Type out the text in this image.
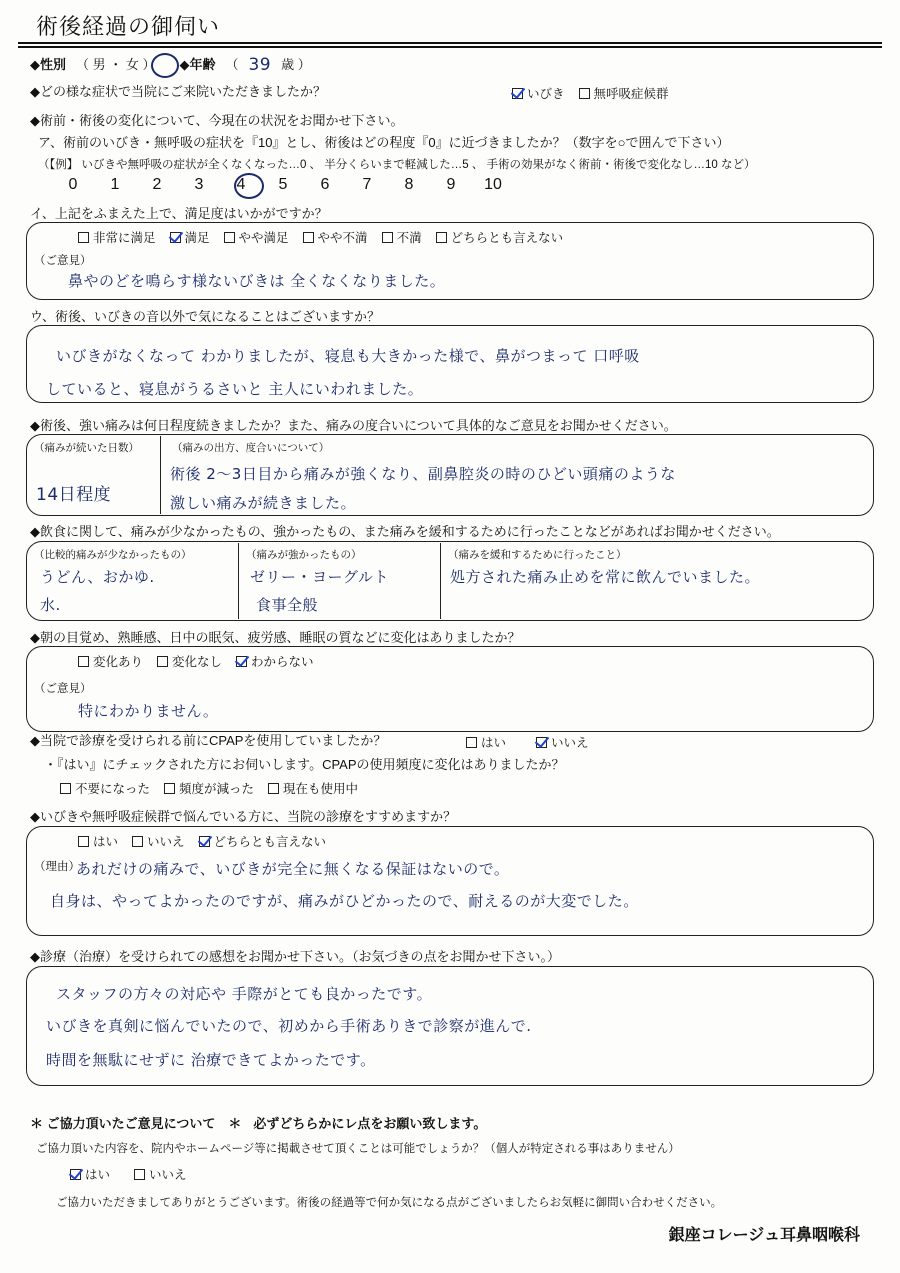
術後経過の御伺い
◆性別 （ 男 ・ 女 ） ◆年齢 （ 39 歳 ）
◆どの様な症状で当院にご来院いただきましたか？	いびき 無呼吸症候群
◆術前・術後の変化について、今現在の状況をお聞かせ下さい。
ア、術前のいびき・無呼吸の症状を『10』とし、術後はどの程度『0』に近づきましたか？（数字を○で囲んで下さい）
（【例】 いびきや無呼吸の症状が全くなくなった…0 、 半分くらいまで軽減した…5 、 手術の効果がなく術前・術後で変化なし…10 など）
0	1	2	3	4	5	6	7	8	9	10
イ、上記をふまえた上で、満足度はいかがですか？
非常に満足 満足 やや満足 やや不満 不満 どちらとも言えない
（ご意見）
鼻やのどを鳴らす様ないびきは 全くなくなりました。
ウ、術後、いびきの音以外で気になることはございますか？
いびきがなくなって わかりましたが、寝息も大きかった様で、鼻がつまって 口呼吸
していると、寝息がうるさいと 主人にいわれました。
◆術後、強い痛みは何日程度続きましたか？また、痛みの度合いについて具体的なご意見をお聞かせください。
（痛みが続いた日数）
14日程度
（痛みの出方、度合いについて）
術後 2〜3日目から痛みが強くなり、副鼻腔炎の時のひどい頭痛のような
激しい痛みが続きました。
◆飲食に関して、痛みが少なかったもの、強かったもの、また痛みを緩和するために行ったことなどがあればお聞かせください。
（比較的痛みが少なかったもの）
うどん、おかゆ.
水.
（痛みが強かったもの）
ゼリー・ヨーグルト
食事全般
（痛みを緩和するために行ったこと）
処方された痛み止めを常に飲んでいました。
◆朝の目覚め、熟睡感、日中の眠気、疲労感、睡眠の質などに変化はありましたか？
変化あり 変化なし わからない
（ご意見）
特にわかりません。
◆当院で診療を受けられる前にCPAPを使用していましたか？	はい	いいえ
・『はい』にチェックされた方にお伺いします。CPAPの使用頻度に変化はありましたか？
不要になった 頻度が減った 現在も使用中
◆いびきや無呼吸症候群で悩んでいる方に、当院の診療をすすめますか？
はい いいえ どちらとも言えない
（理由）
あれだけの痛みで、いびきが完全に無くなる保証はないので。
自身は、やってよかったのですが、痛みがひどかったので、耐えるのが大変でした。
◆診療（治療）を受けられての感想をお聞かせ下さい。（お気づきの点をお聞かせ下さい。）
スタッフの方々の対応や 手際がとても良かったです。
いびきを真剣に悩んでいたので、初めから手術ありきで診察が進んで.
時間を無駄にせずに 治療できてよかったです。
＊ ご協力頂いたご意見について　＊ 必ずどちらかにレ点をお願い致します。
ご協力頂いた内容を、院内やホームページ等に掲載させて頂くことは可能でしょうか？（個人が特定される事はありません）
はい	いいえ
ご協力いただきましてありがとうございます。術後の経過等で何か気になる点がございましたらお気軽に御問い合わせください。
銀座コレージュ耳鼻咽喉科
